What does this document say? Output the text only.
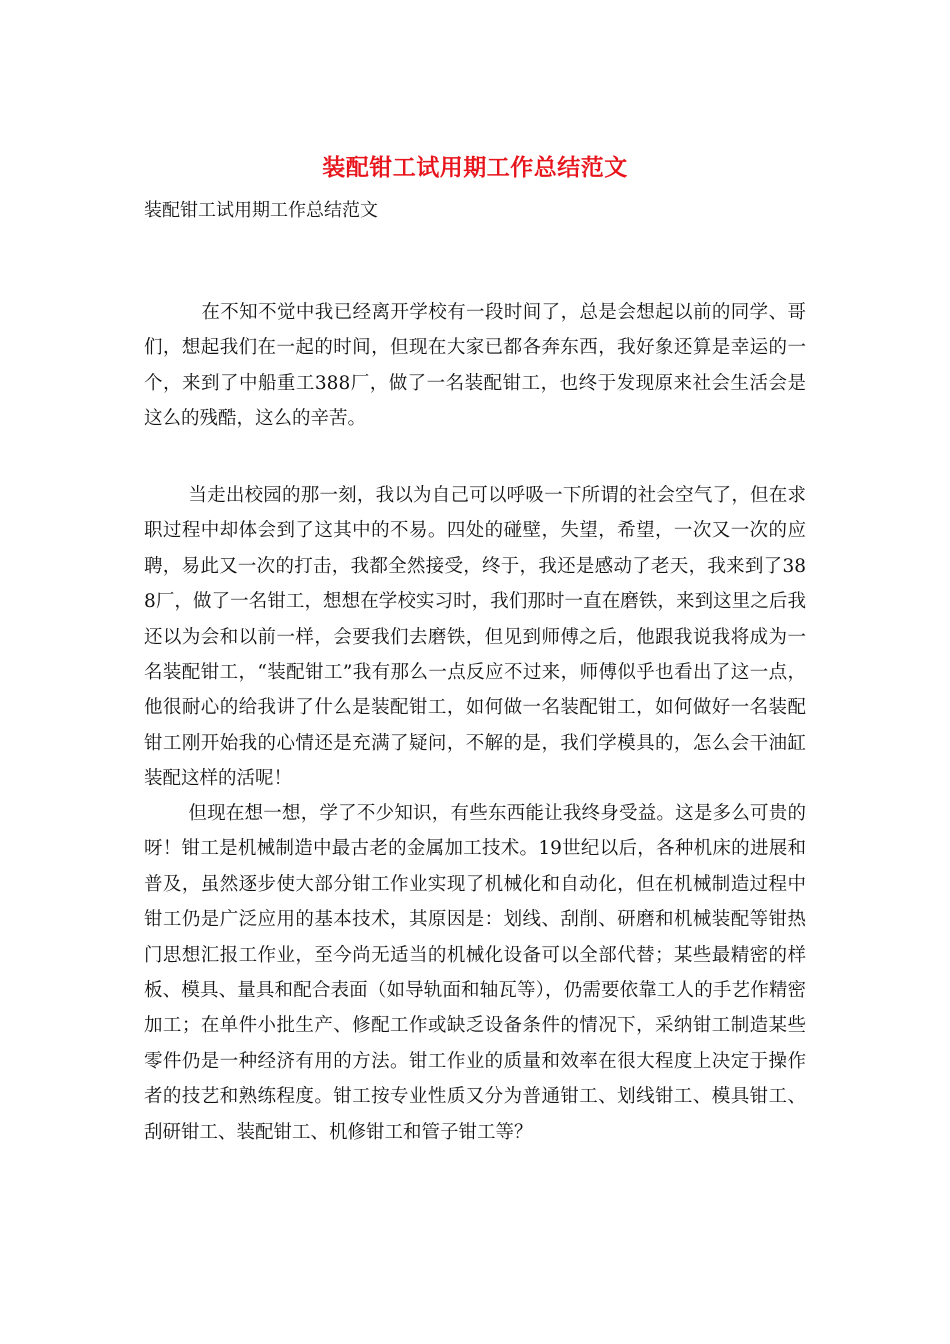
装配钳工试用期工作总结范文
装配钳工试用期工作总结范文

在不知不觉中我已经离开学校有一段时间了，总是会想起以前的同学、哥们，想起我们在一起的时间，但现在大家已都各奔东西，我好象还算是幸运的一个，来到了中船重工388厂，做了一名装配钳工，也终于发现原来社会生活会是这么的残酷，这么的辛苦。

当走出校园的那一刻，我以为自己可以呼吸一下所谓的社会空气了，但在求职过程中却体会到了这其中的不易。四处的碰壁，失望，希望，一次又一次的应聘，易此又一次的打击，我都全然接受，终于，我还是感动了老天，我来到了388厂，做了一名钳工，想想在学校实习时，我们那时一直在磨铁，来到这里之后我还以为会和以前一样，会要我们去磨铁，但见到师傅之后，他跟我说我将成为一名装配钳工，“装配钳工”我有那么一点反应不过来，师傅似乎也看出了这一点，他很耐心的给我讲了什么是装配钳工，如何做一名装配钳工，如何做好一名装配钳工刚开始我的心情还是充满了疑问，不解的是，我们学模具的，怎么会干油缸装配这样的活呢！

但现在想一想，学了不少知识，有些东西能让我终身受益。这是多么可贵的呀！钳工是机械制造中最古老的金属加工技术。19世纪以后，各种机床的进展和普及，虽然逐步使大部分钳工作业实现了机械化和自动化，但在机械制造过程中钳工仍是广泛应用的基本技术，其原因是：划线、刮削、研磨和机械装配等钳热门思想汇报工作业，至今尚无适当的机械化设备可以全部代替；某些最精密的样板、模具、量具和配合表面（如导轨面和轴瓦等），仍需要依靠工人的手艺作精密加工；在单件小批生产、修配工作或缺乏设备条件的情况下，采纳钳工制造某些零件仍是一种经济有用的方法。钳工作业的质量和效率在很大程度上决定于操作者的技艺和熟练程度。钳工按专业性质又分为普通钳工、划线钳工、模具钳工、刮研钳工、装配钳工、机修钳工和管子钳工等？
